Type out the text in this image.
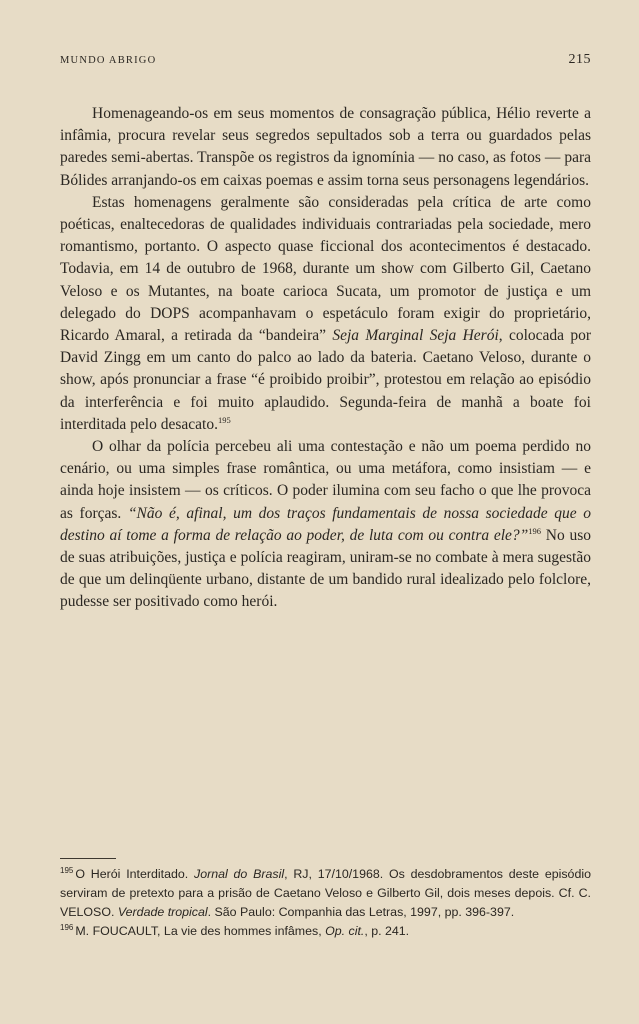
MUNDO ABRIGO	215

Homenageando-os em seus momentos de consagração pública, Hélio reverte a infâmia, procura revelar seus segredos sepultados sob a terra ou guardados pelas paredes semi-abertas. Transpõe os registros da ignomínia — no caso, as fotos — para Bólides arranjando-os em caixas poemas e assim torna seus personagens legendários.

Estas homenagens geralmente são consideradas pela crítica de arte como poéticas, enaltecedoras de qualidades individuais contrariadas pela sociedade, mero romantismo, portanto. O aspecto quase ficcional dos acontecimentos é destacado. Todavia, em 14 de outubro de 1968, durante um show com Gilberto Gil, Caetano Veloso e os Mutantes, na boate carioca Sucata, um promotor de justiça e um delegado do DOPS acompanhavam o espetáculo foram exigir do proprietário, Ricardo Amaral, a retirada da “bandeira” Seja Marginal Seja Herói, colocada por David Zingg em um canto do palco ao lado da bateria. Caetano Veloso, durante o show, após pronunciar a frase “é proibido proibir”, protestou em relação ao episódio da interferência e foi muito aplaudido. Segunda-feira de manhã a boate foi interditada pelo desacato.$^{195}$

O olhar da polícia percebeu ali uma contestação e não um poema perdido no cenário, ou uma simples frase romântica, ou uma metáfora, como insistiam — e ainda hoje insistem — os críticos. O poder ilumina com seu facho o que lhe provoca as forças. “Não é, afinal, um dos traços fundamentais de nossa sociedade que o destino aí tome a forma de relação ao poder, de luta com ou contra ele?”$^{196}$ No uso de suas atribuições, justiça e polícia reagiram, uniram-se no combate à mera sugestão de que um delinqüente urbano, distante de um bandido rural idealizado pelo folclore, pudesse ser positivado como herói.

$^{195}$ O Herói Interditado. Jornal do Brasil, RJ, 17/10/1968. Os desdobramentos deste episódio serviram de pretexto para a prisão de Caetano Veloso e Gilberto Gil, dois meses depois. Cf. C. VELOSO. Verdade tropical. São Paulo: Companhia das Letras, 1997, pp. 396-397.

$^{196}$ M. FOUCAULT, La vie des hommes infâmes, Op. cit., p. 241.
